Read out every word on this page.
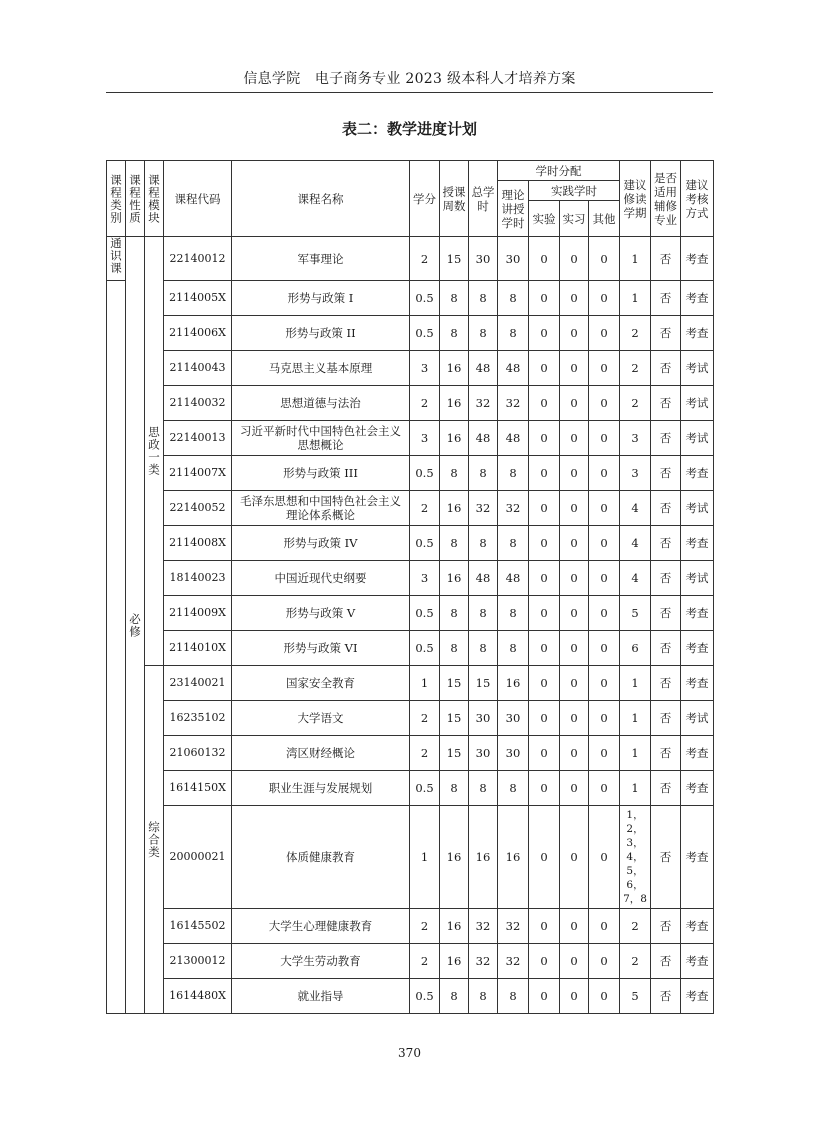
信息学院　电子商务专业 2023 级本科人才培养方案
表二：教学进度计划
课程类别	课程性质	课程模块	课程代码	课程名称	学分	授课周数	总学时	学时分配				建议修读学期	是否适用辅修专业	建议考核方式
								理论讲授学时	实践学时					
									实验	实习	其他			

通识课	必修	思政一类	22140012	军事理论	2	15	30	30	0	0	0	1	否	考查
			2114005X	形势与政策 I	0.5	8	8	8	0	0	0	1	否	考查
			2114006X	形势与政策 II	0.5	8	8	8	0	0	0	2	否	考查
			21140043	马克思主义基本原理	3	16	48	48	0	0	0	2	否	考试
			21140032	思想道德与法治	2	16	32	32	0	0	0	2	否	考试
			22140013	习近平新时代中国特色社会主义思想概论	3	16	48	48	0	0	0	3	否	考试
			2114007X	形势与政策 III	0.5	8	8	8	0	0	0	3	否	考查
			22140052	毛泽东思想和中国特色社会主义理论体系概论	2	16	32	32	0	0	0	4	否	考试
			2114008X	形势与政策 IV	0.5	8	8	8	0	0	0	4	否	考查
			18140023	中国近现代史纲要	3	16	48	48	0	0	0	4	否	考试
			2114009X	形势与政策 V	0.5	8	8	8	0	0	0	5	否	考查
			2114010X	形势与政策 VI	0.5	8	8	8	0	0	0	6	否	考查

		综合类	23140021	国家安全教育	1	15	15	16	0	0	0	1	否	考查
			16235102	大学语文	2	15	30	30	0	0	0	1	否	考试
			21060132	湾区财经概论	2	15	30	30	0	0	0	1	否	考查
			1614150X	职业生涯与发展规划	0.5	8	8	8	0	0	0	1	否	考查
			20000021	体质健康教育	1	16	16	16	0	0	0	1，2，3，4，5，6，7，8	否	考查
			16145502	大学生心理健康教育	2	16	32	32	0	0	0	2	否	考查
			21300012	大学生劳动教育	2	16	32	32	0	0	0	2	否	考查
			1614480X	就业指导	0.5	8	8	8	0	0	0	5	否	考查
370
